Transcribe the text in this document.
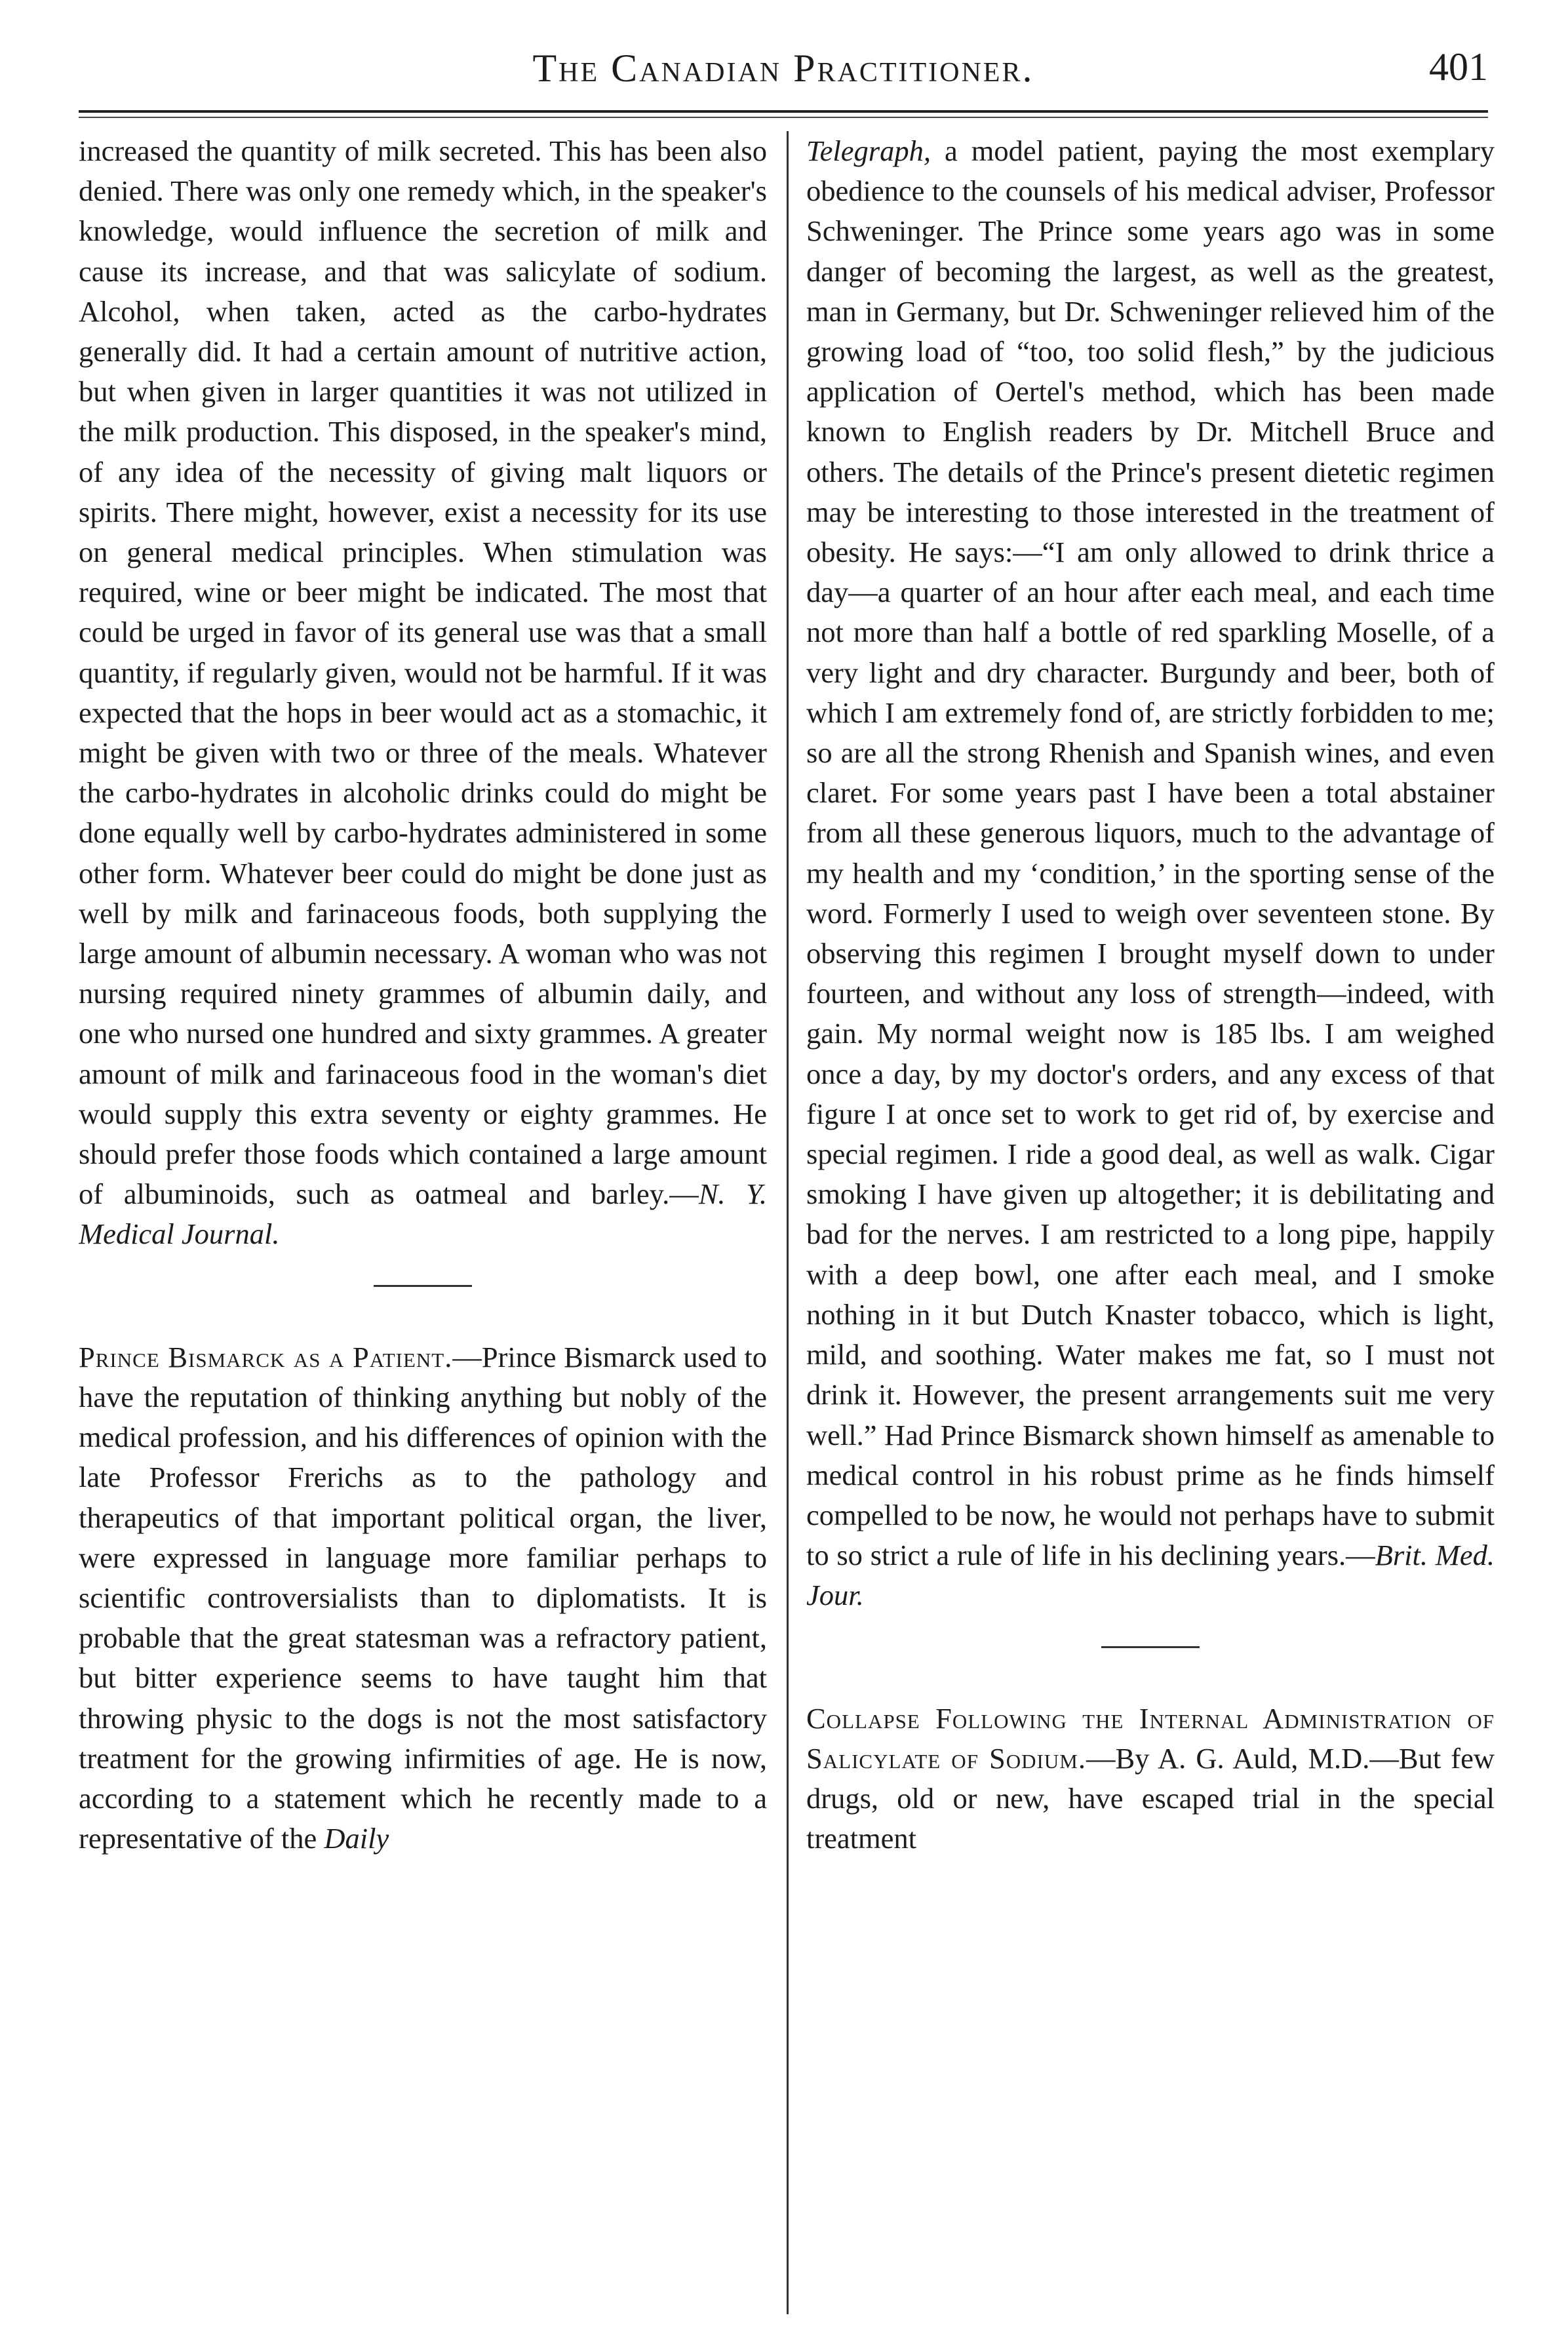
The Canadian Practitioner.	401

increased the quantity of milk secreted. This has been also denied. There was only one remedy which, in the speaker's knowledge, would influence the secretion of milk and cause its increase, and that was salicylate of sodium. Alcohol, when taken, acted as the carbo-hydrates generally did. It had a certain amount of nutritive action, but when given in larger quantities it was not utilized in the milk production. This disposed, in the speaker's mind, of any idea of the necessity of giving malt liquors or spirits. There might, however, exist a necessity for its use on general medical principles. When stimulation was required, wine or beer might be indicated. The most that could be urged in favor of its general use was that a small quantity, if regularly given, would not be harmful. If it was expected that the hops in beer would act as a stomachic, it might be given with two or three of the meals. Whatever the carbo-hydrates in alcoholic drinks could do might be done equally well by carbo-hydrates administered in some other form. Whatever beer could do might be done just as well by milk and farinaceous foods, both supplying the large amount of albumin necessary. A woman who was not nursing required ninety grammes of albumin daily, and one who nursed one hundred and sixty grammes. A greater amount of milk and farinaceous food in the woman's diet would supply this extra seventy or eighty grammes. He should prefer those foods which contained a large amount of albuminoids, such as oatmeal and barley.—N. Y. Medical Journal.

Prince Bismarck as a Patient.—Prince Bismarck used to have the reputation of thinking anything but nobly of the medical profession, and his differences of opinion with the late Professor Frerichs as to the pathology and therapeutics of that important political organ, the liver, were expressed in language more familiar perhaps to scientific controversialists than to diplomatists. It is probable that the great statesman was a refractory patient, but bitter experience seems to have taught him that throwing physic to the dogs is not the most satisfactory treatment for the growing infirmities of age. He is now, according to a statement which he recently made to a representative of the Daily

Telegraph, a model patient, paying the most exemplary obedience to the counsels of his medical adviser, Professor Schweninger. The Prince some years ago was in some danger of becoming the largest, as well as the greatest, man in Germany, but Dr. Schweninger relieved him of the growing load of “too, too solid flesh,” by the judicious application of Oertel's method, which has been made known to English readers by Dr. Mitchell Bruce and others. The details of the Prince's present dietetic regimen may be interesting to those interested in the treatment of obesity. He says:—“I am only allowed to drink thrice a day—a quarter of an hour after each meal, and each time not more than half a bottle of red sparkling Moselle, of a very light and dry character. Burgundy and beer, both of which I am extremely fond of, are strictly forbidden to me; so are all the strong Rhenish and Spanish wines, and even claret. For some years past I have been a total abstainer from all these generous liquors, much to the advantage of my health and my ‘condition,’ in the sporting sense of the word. Formerly I used to weigh over seventeen stone. By observing this regimen I brought myself down to under fourteen, and without any loss of strength—indeed, with gain. My normal weight now is 185 lbs. I am weighed once a day, by my doctor's orders, and any excess of that figure I at once set to work to get rid of, by exercise and special regimen. I ride a good deal, as well as walk. Cigar smoking I have given up altogether; it is debilitating and bad for the nerves. I am restricted to a long pipe, happily with a deep bowl, one after each meal, and I smoke nothing in it but Dutch Knaster tobacco, which is light, mild, and soothing. Water makes me fat, so I must not drink it. However, the present arrangements suit me very well.” Had Prince Bismarck shown himself as amenable to medical control in his robust prime as he finds himself compelled to be now, he would not perhaps have to submit to so strict a rule of life in his declining years.—Brit. Med. Jour.

Collapse Following the Internal Administration of Salicylate of Sodium.—By A. G. Auld, M.D.—But few drugs, old or new, have escaped trial in the special treatment
